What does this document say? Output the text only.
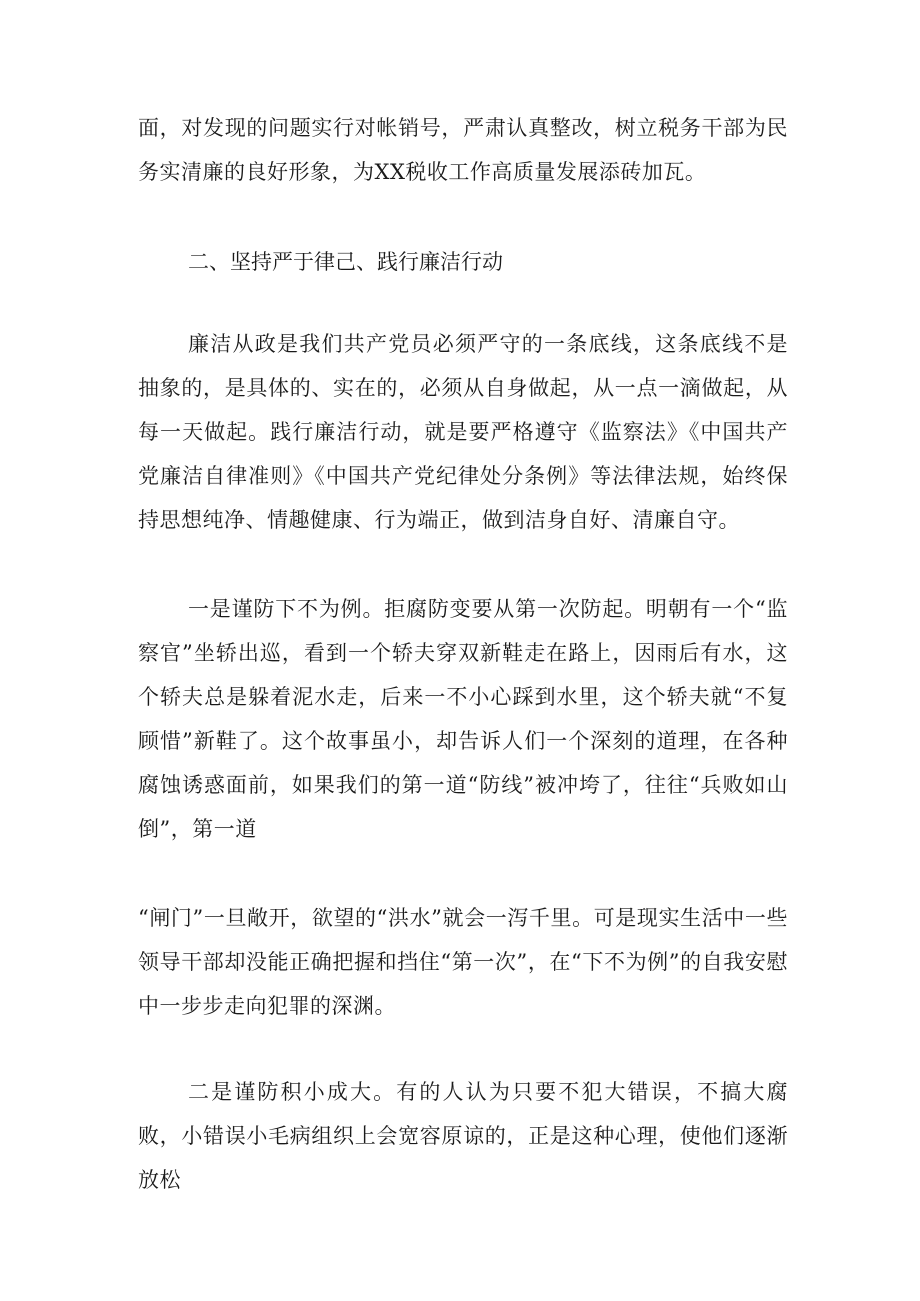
面，对发现的问题实行对帐销号，严肃认真整改，树立税务干部为民务实清廉的良好形象，为XX税收工作高质量发展添砖加瓦。

二、坚持严于律己、践行廉洁行动

廉洁从政是我们共产党员必须严守的一条底线，这条底线不是抽象的，是具体的、实在的，必须从自身做起，从一点一滴做起，从每一天做起。践行廉洁行动，就是要严格遵守《监察法》《中国共产党廉洁自律准则》《中国共产党纪律处分条例》等法律法规，始终保持思想纯净、情趣健康、行为端正，做到洁身自好、清廉自守。

一是谨防下不为例。拒腐防变要从第一次防起。明朝有一个“监察官”坐轿出巡，看到一个轿夫穿双新鞋走在路上，因雨后有水，这个轿夫总是躲着泥水走，后来一不小心踩到水里，这个轿夫就“不复顾惜”新鞋了。这个故事虽小，却告诉人们一个深刻的道理，在各种腐蚀诱惑面前，如果我们的第一道“防线”被冲垮了，往往“兵败如山倒”，第一道

“闸门”一旦敞开，欲望的“洪水”就会一泻千里。可是现实生活中一些领导干部却没能正确把握和挡住“第一次”，在“下不为例”的自我安慰中一步步走向犯罪的深渊。

二是谨防积小成大。有的人认为只要不犯大错误，不搞大腐败，小错误小毛病组织上会宽容原谅的，正是这种心理，使他们逐渐放松
